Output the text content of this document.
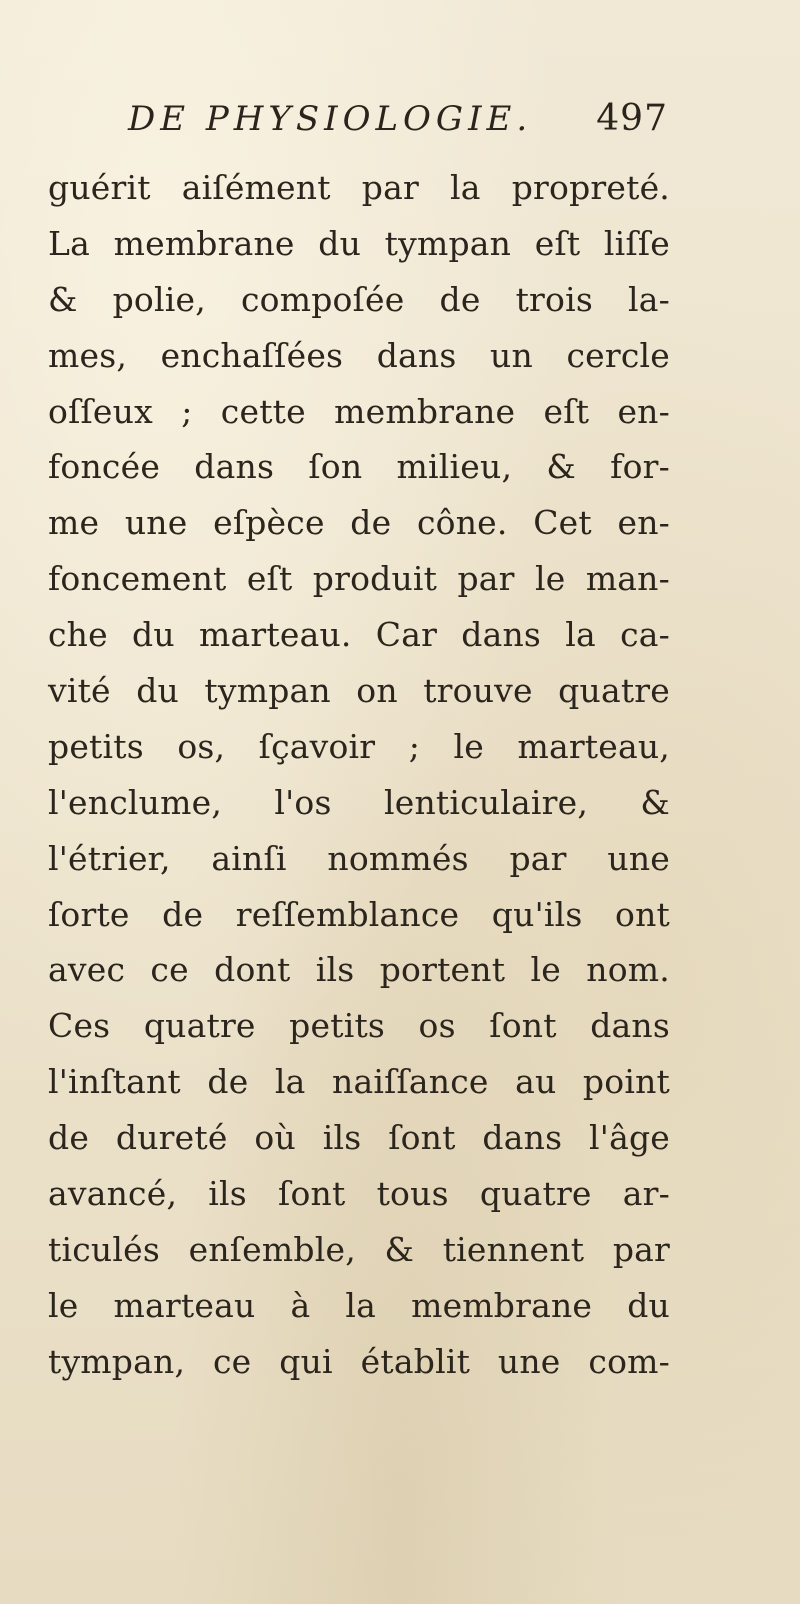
DE PHYSIOLOGIE. 497
guérit aiſément par la propreté.
La membrane du tympan eſt liſſe
& polie, compoſée de trois la-
mes, enchaſſées dans un cercle
oſſeux ; cette membrane eſt en-
foncée dans ſon milieu, & for-
me une eſpèce de cône. Cet en-
foncement eſt produit par le man-
che du marteau. Car dans la ca-
vité du tympan on trouve quatre
petits os, ſçavoir ; le marteau,
l'enclume, l'os lenticulaire, &
l'étrier, ainſi nommés par une
ſorte de reſſemblance qu'ils ont
avec ce dont ils portent le nom.
Ces quatre petits os ſont dans
l'inſtant de la naiſſance au point
de dureté où ils ſont dans l'âge
avancé, ils ſont tous quatre ar-
ticulés enſemble, & tiennent par
le marteau à la membrane du
tympan, ce qui établit une com-
